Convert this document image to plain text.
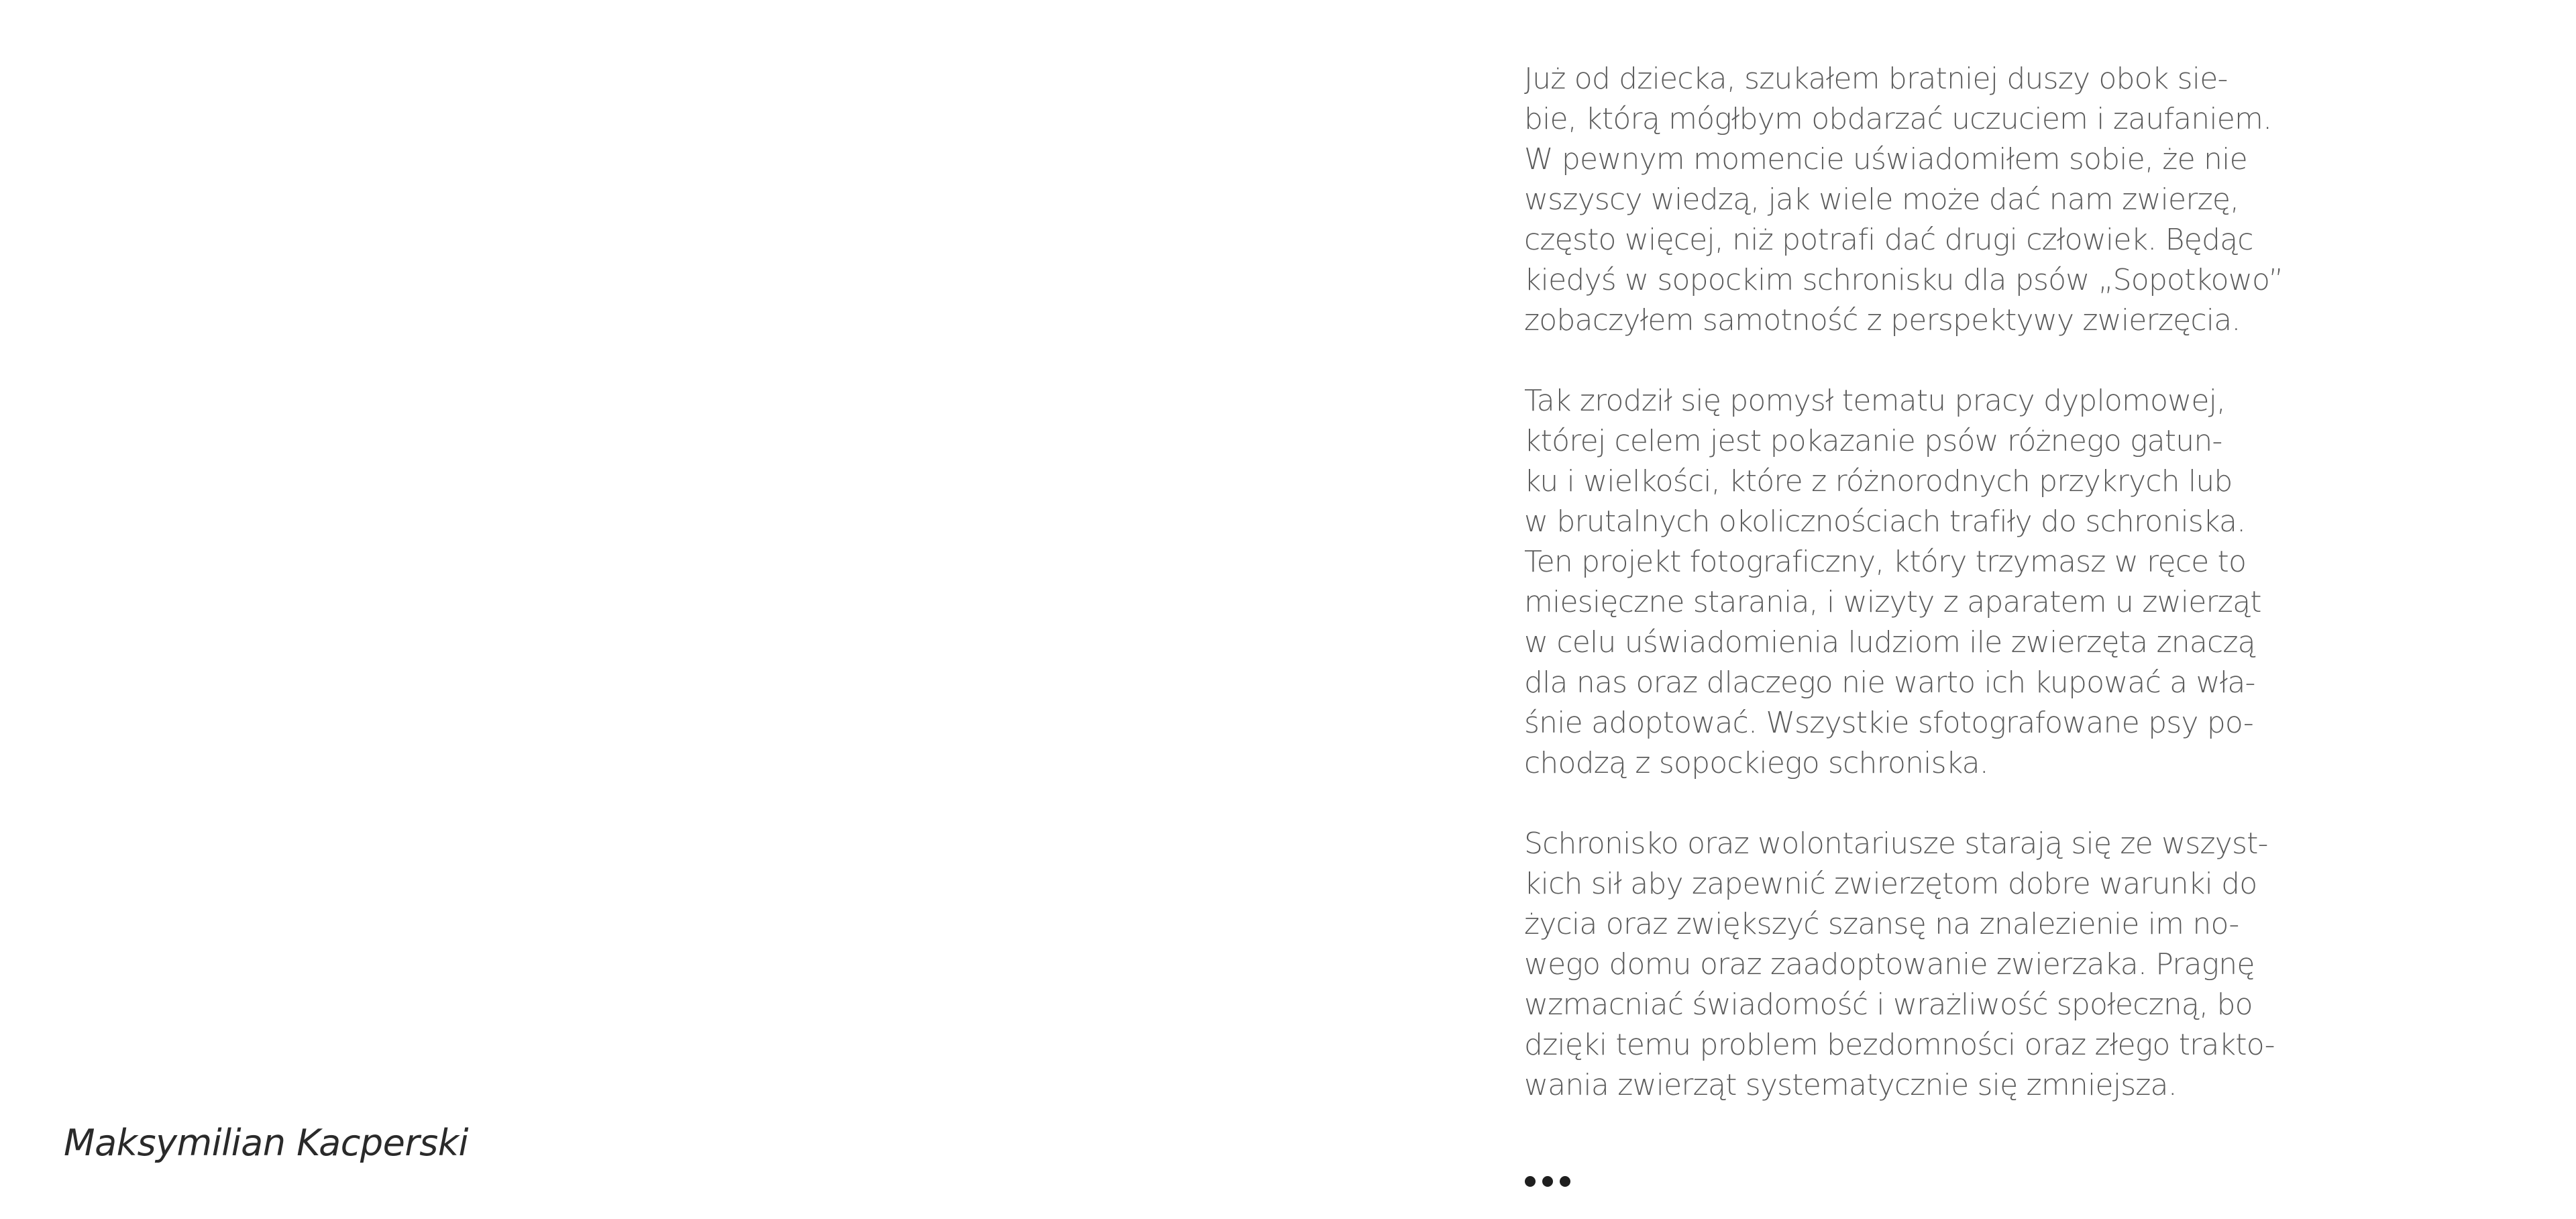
Maksymilian Kacperski

Już od dziecka, szukałem bratniej duszy obok sie-
bie, którą mógłbym obdarzać uczuciem i zaufaniem.
W pewnym momencie uświadomiłem sobie, że nie
wszyscy wiedzą, jak wiele może dać nam zwierzę,
często więcej, niż potrafi dać drugi człowiek. Będąc
kiedyś w sopockim schronisku dla psów „Sopotkowo”
zobaczyłem samotność z perspektywy zwierzęcia.

Tak zrodził się pomysł tematu pracy dyplomowej,
której celem jest pokazanie psów różnego gatun-
ku i wielkości, które z różnorodnych przykrych lub
w brutalnych okolicznościach trafiły do schroniska.
Ten projekt fotograficzny, który trzymasz w ręce to
miesięczne starania, i wizyty z aparatem u zwierząt
w celu uświadomienia ludziom ile zwierzęta znaczą
dla nas oraz dlaczego nie warto ich kupować a wła-
śnie adoptować. Wszystkie sfotografowane psy po-
chodzą z sopockiego schroniska.

Schronisko oraz wolontariusze starają się ze wszyst-
kich sił aby zapewnić zwierzętom dobre warunki do
życia oraz zwiększyć szansę na znalezienie im no-
wego domu oraz zaadoptowanie zwierzaka. Pragnę
wzmacniać świadomość i wrażliwość społeczną, bo
dzięki temu problem bezdomności oraz złego trakto-
wania zwierząt systematycznie się zmniejsza.
